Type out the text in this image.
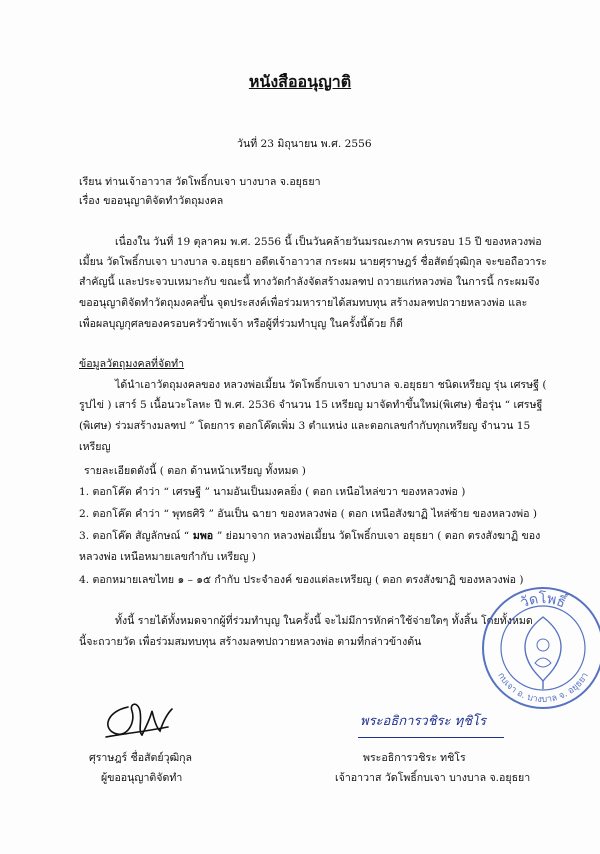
หนังสืออนุญาติ
วันที่ 23 มิถุนายน พ.ศ. 2556
เรียน ท่านเจ้าอาวาส วัดโพธิ์กบเจา บางบาล จ.อยุธยา
เรื่อง ขออนุญาติจัดทำวัตถุมงคล
เนื่องใน วันที่ 19 ตุลาคม พ.ศ. 2556 นี้ เป็นวันคล้ายวันมรณะภาพ ครบรอบ 15 ปี ของหลวงพ่อ
เมี้ยน วัดโพธิ์กบเจา บางบาล จ.อยุธยา อดีตเจ้าอาวาส กระผม นายศุราษฎร์ ชื่อสัตย์วุฒิกุล จะขอถือวาระ
สำคัญนี้ และประจวบเหมาะกับ ขณะนี้ ทางวัดกำลังจัดสร้างมลฑป ถวายแก่หลวงพ่อ ในการนี้ กระผมจึง
ขออนุญาติจัดทำวัตถุมงคลขึ้น จุดประสงค์เพื่อร่วมหารายได้สมทบทุน สร้างมลฑปถวายหลวงพ่อ และ
เพื่อผลบุญกุศลของครอบครัวข้าพเจ้า หรือผู้ที่ร่วมทำบุญ ในครั้งนี้ด้วย ก็ดี
ข้อมูลวัตถุมงคลที่จัดทำ
ได้นำเอาวัตถุมงคลของ หลวงพ่อเมี้ยน วัดโพธิ์กบเจา บางบาล จ.อยุธยา ชนิดเหรียญ รุ่น เศรษฐี (
รูปไข่ ) เสาร์ 5 เนื้อนวะโลหะ ปี พ.ศ. 2536 จำนวน 15 เหรียญ มาจัดทำขึ้นใหม่(พิเศษ) ชื่อรุ่น “ เศรษฐี
(พิเศษ) ร่วมสร้างมลฑป ” โดยการ ตอกโค๊ตเพิ่ม 3 ตำแหน่ง และตอกเลขกำกับทุกเหรียญ จำนวน 15
เหรียญ
รายละเอียดดังนี้ ( ตอก ด้านหน้าเหรียญ ทั้งหมด )
1. ตอกโค๊ต คำว่า “ เศรษฐี ” นามอันเป็นมงคลยิ่ง ( ตอก เหนือไหล่ขวา ของหลวงพ่อ )
2. ตอกโค๊ต คำว่า “ พุทธศิริ ” อันเป็น ฉายา ของหลวงพ่อ ( ตอก เหนือสังฆาฏิ ไหล่ซ้าย ของหลวงพ่อ )
3. ตอกโค๊ต สัญลักษณ์ “ มพอ ” ย่อมาจาก หลวงพ่อเมี้ยน วัดโพธิ์กบเจา อยุธยา ( ตอก ตรงสังฆาฏิ ของ
หลวงพ่อ เหนือหมายเลขกำกับ เหรียญ )
4. ตอกหมายเลขไทย ๑ – ๑๕ กำกับ ประจำองค์ ของแต่ละเหรียญ ( ตอก ตรงสังฆาฏิ ของหลวงพ่อ )
ทั้งนี้ รายได้ทั้งหมดจากผู้ที่ร่วมทำบุญ ในครั้งนี้ จะไม่มีการหักค่าใช้จ่ายใดๆ ทั้งสิ้น โดยทั้งหมด
นี้จะถวายวัด เพื่อร่วมสมทบทุน สร้างมลฑปถวายหลวงพ่อ ตามที่กล่าวข้างต้น
วัดโพธิ์
กบเจา อ. บางบาล จ. อยุธยา
พระอธิการวชิระ ทฺชิโร
ศุราษฎร์ ชื่อสัตย์วุฒิกุล
ผู้ขออนุญาติจัดทำ
พระอธิการวชิระ ทชิโร
เจ้าอาวาส วัดโพธิ์กบเจา บางบาล จ.อยุธยา
